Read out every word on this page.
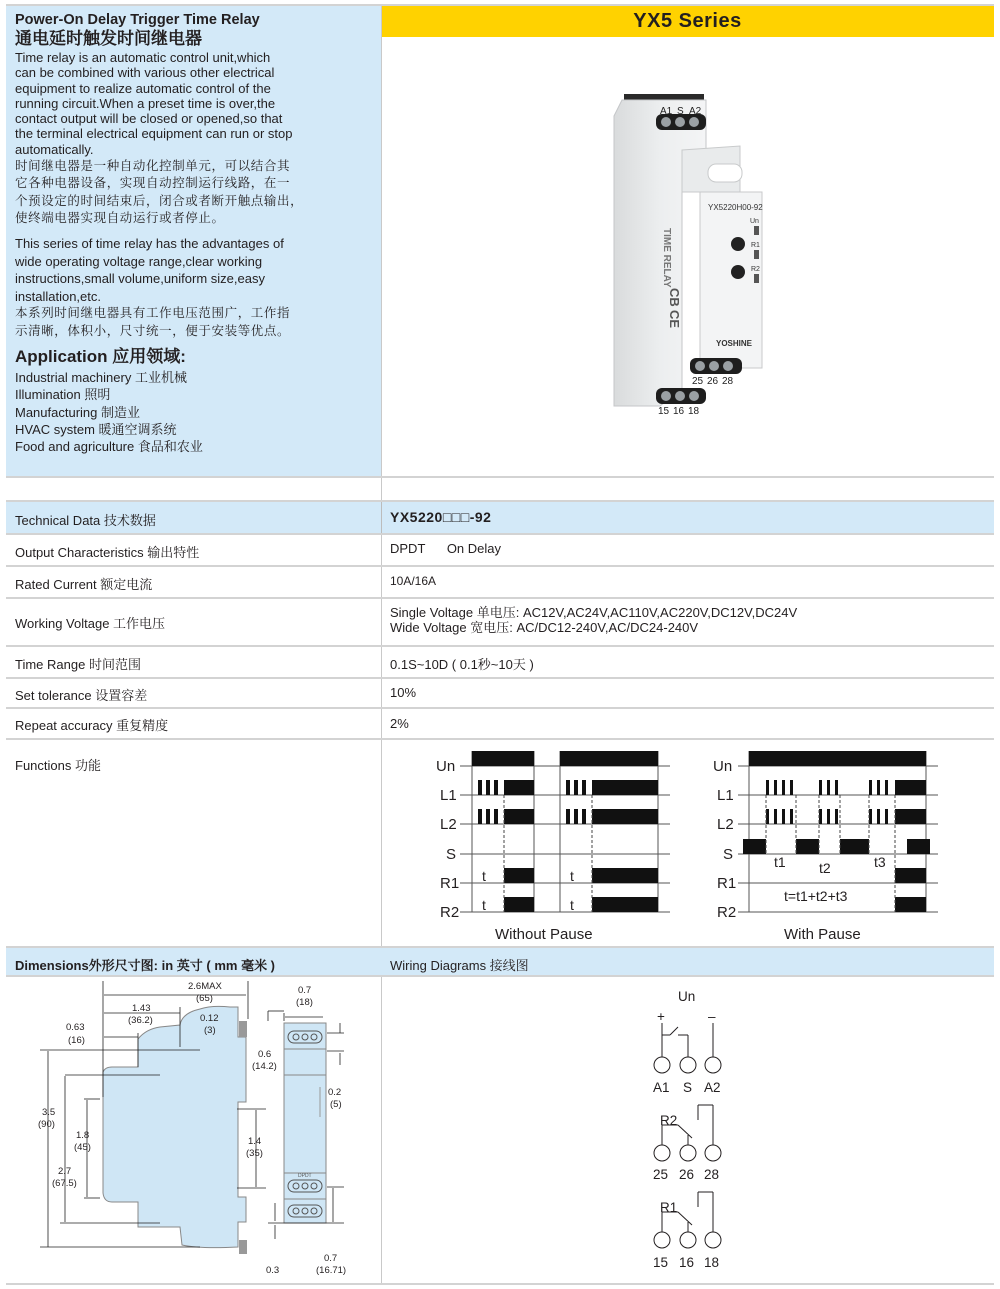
Power-On Delay Trigger Time Relay
通电延时触发时间继电器
Time relay is an automatic control unit,which
can be combined with various other electrical
equipment to realize automatic control of the
running circuit.When a preset time is over,the
contact output will be closed or opened,so that
the terminal electrical equipment can run or stop
automatically.
时间继电器是一种自动化控制单元，可以结合其
它各种电器设备，实现自动控制运行线路，在一
个预设定的时间结束后，闭合或者断开触点输出，
使终端电器实现自动运行或者停止。
This series of time relay has the advantages of
wide operating voltage range,clear working
instructions,small volume,uniform size,easy
installation,etc.
本系列时间继电器具有工作电压范围广，工作指
示清晰，体积小，尺寸统一，便于安装等优点。
Application 应用领域:
Industrial machinery 工业机械
Illumination 照明
Manufacturing 制造业
HVAC system 暖通空调系统
Food and agriculture 食品和农业
YX5 Series
A1 S A2
TIME RELAY
CB
CE
YX5220H00-92
Un
R1
R2
YOSHINE
25 26 28
15 16 18
Technical Data 技术数据	YX5220□□□-92
Output Characteristics 输出特性	DPDT      On Delay
Rated Current 额定电流	10A/16A
Working Voltage 工作电压
Single Voltage 单电压: AC12V,AC24V,AC110V,AC220V,DC12V,DC24V
Wide Voltage 宽电压: AC/DC12-240V,AC/DC24-240V
Time Range 时间范围	0.1S~10D ( 0.1秒~10天 )
Set tolerance 设置容差	10%
Repeat accuracy 重复精度	2%
Functions 功能	Un
L1
L2
S
R1
R2
t
t
t
t
Without Pause
Un
L1
L2
S
R1
R2
t1 t2	t3
t=t1+t2+t3
With Pause
Dimensions外形尺寸图: in 英寸 ( mm 毫米 )	Wiring Diagrams 接线图
2.6MAX
(65)
1.43
(36.2)
0.63
(16)
0.12
(3)
3.5
(90)
2.7
(67.5)
1.8
(45)
1.4
(35)
DPDT
0.7
(18)
0.6
(14.2)
0.2
(5)
0.7
(16.71)
0.3
Un
+	–
A1 S A2
R2
25 26 28
R1
15 16 18
